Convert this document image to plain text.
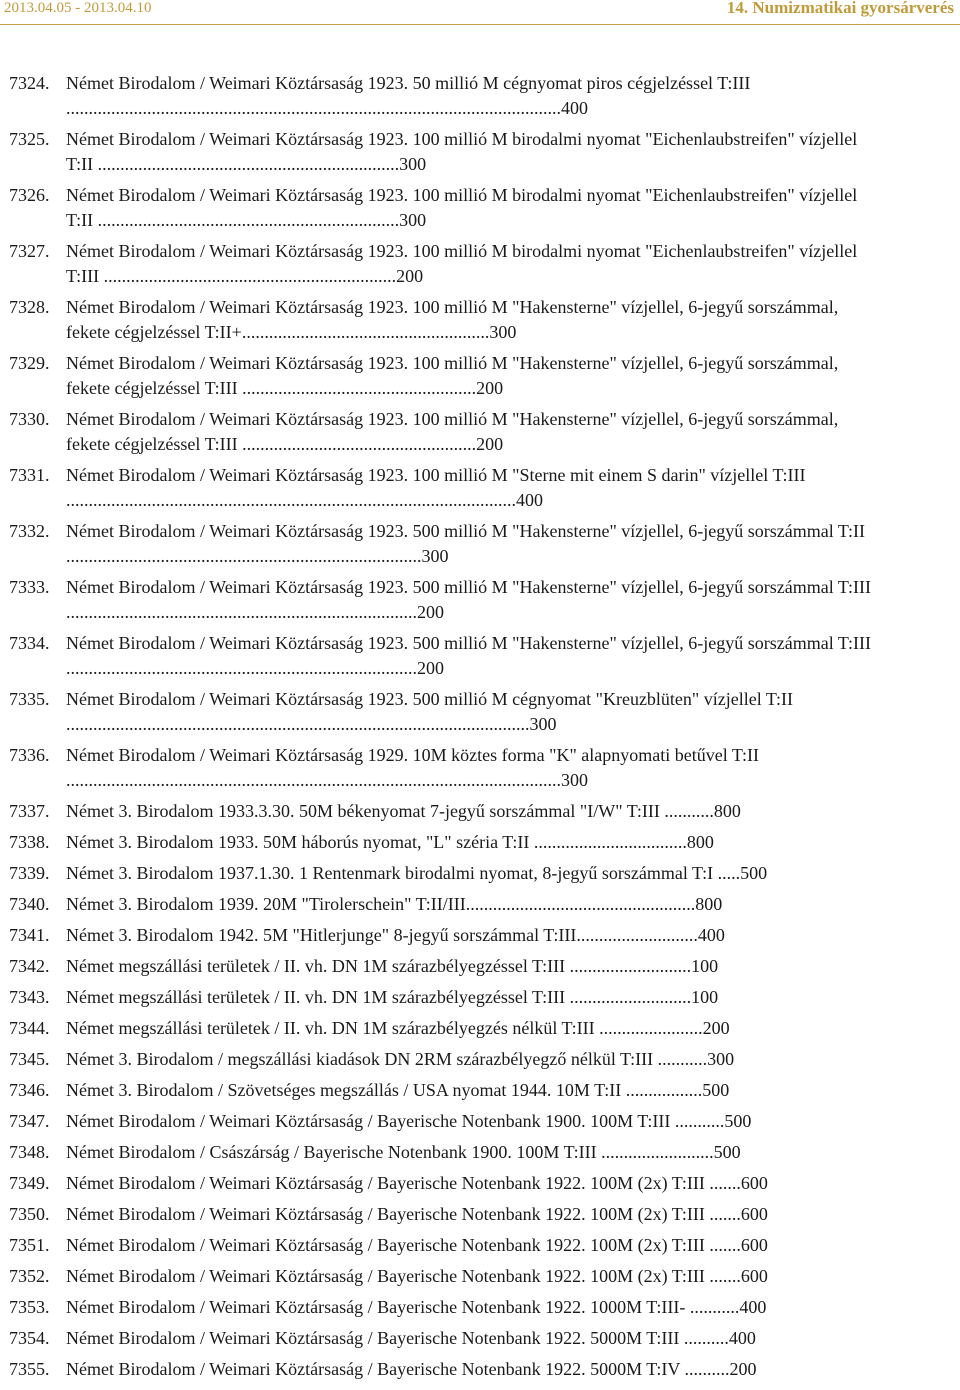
2013.04.05 - 2013.04.10	14. Numizmatikai gyorsárverés
7324. Német Birodalom / Weimari Köztársaság 1923. 50 millió M cégnyomat piros cégjelzéssel T:III ..............................................................................................................400
7325. Német Birodalom / Weimari Köztársaság 1923. 100 millió M birodalmi nyomat "Eichenlaubstreifen" vízjellel T:II ...................................................................300
7326. Német Birodalom / Weimari Köztársaság 1923. 100 millió M birodalmi nyomat "Eichenlaubstreifen" vízjellel T:II ...................................................................300
7327. Német Birodalom / Weimari Köztársaság 1923. 100 millió M birodalmi nyomat "Eichenlaubstreifen" vízjellel T:III .................................................................200
7328. Német Birodalom / Weimari Köztársaság 1923. 100 millió M "Hakensterne" vízjellel, 6-jegyű sorszámmal, fekete cégjelzéssel T:II+.......................................................300
7329. Német Birodalom / Weimari Köztársaság 1923. 100 millió M "Hakensterne" vízjellel, 6-jegyű sorszámmal, fekete cégjelzéssel T:III ....................................................200
7330. Német Birodalom / Weimari Köztársaság 1923. 100 millió M "Hakensterne" vízjellel, 6-jegyű sorszámmal, fekete cégjelzéssel T:III ....................................................200
7331. Német Birodalom / Weimari Köztársaság 1923. 100 millió M "Sterne mit einem S darin" vízjellel T:III ....................................................................................................400
7332. Német Birodalom / Weimari Köztársaság 1923. 500 millió M "Hakensterne" vízjellel, 6-jegyű sorszámmal T:II ...............................................................................300
7333. Német Birodalom / Weimari Köztársaság 1923. 500 millió M "Hakensterne" vízjellel, 6-jegyű sorszámmal T:III ..............................................................................200
7334. Német Birodalom / Weimari Köztársaság 1923. 500 millió M "Hakensterne" vízjellel, 6-jegyű sorszámmal T:III ..............................................................................200
7335. Német Birodalom / Weimari Köztársaság 1923. 500 millió M cégnyomat "Kreuzblüten" vízjellel T:II .......................................................................................................300
7336. Német Birodalom / Weimari Köztársaság 1929. 10M köztes forma "K" alapnyomati betűvel T:II ..............................................................................................................300
7337. Német 3. Birodalom 1933.3.30. 50M békenyomat 7-jegyű sorszámmal "I/W" T:III ...........800
7338. Német 3. Birodalom 1933. 50M háborús nyomat, "L" széria T:II ..................................800
7339. Német 3. Birodalom 1937.1.30. 1 Rentenmark birodalmi nyomat, 8-jegyű sorszámmal T:I .....500
7340. Német 3. Birodalom 1939. 20M "Tirolerschein" T:II/III...................................................800
7341. Német 3. Birodalom 1942. 5M "Hitlerjunge" 8-jegyű sorszámmal T:III...........................400
7342. Német megszállási területek / II. vh. DN 1M szárazbélyegzéssel T:III ...........................100
7343. Német megszállási területek / II. vh. DN 1M szárazbélyegzéssel T:III ...........................100
7344. Német megszállási területek / II. vh. DN 1M szárazbélyegzés nélkül T:III .......................200
7345. Német 3. Birodalom / megszállási kiadások DN 2RM szárazbélyegző nélkül T:III ...........300
7346. Német 3. Birodalom / Szövetséges megszállás / USA nyomat 1944. 10M T:II .................500
7347. Német Birodalom / Weimari Köztársaság / Bayerische Notenbank 1900. 100M T:III ...........500
7348. Német Birodalom / Császárság / Bayerische Notenbank 1900. 100M T:III .........................500
7349. Német Birodalom / Weimari Köztársaság / Bayerische Notenbank 1922. 100M (2x) T:III .......600
7350. Német Birodalom / Weimari Köztársaság / Bayerische Notenbank 1922. 100M (2x) T:III .......600
7351. Német Birodalom / Weimari Köztársaság / Bayerische Notenbank 1922. 100M (2x) T:III .......600
7352. Német Birodalom / Weimari Köztársaság / Bayerische Notenbank 1922. 100M (2x) T:III .......600
7353. Német Birodalom / Weimari Köztársaság / Bayerische Notenbank 1922. 1000M T:III- ...........400
7354. Német Birodalom / Weimari Köztársaság / Bayerische Notenbank 1922. 5000M T:III ..........400
7355. Német Birodalom / Weimari Köztársaság / Bayerische Notenbank 1922. 5000M T:IV ..........200
